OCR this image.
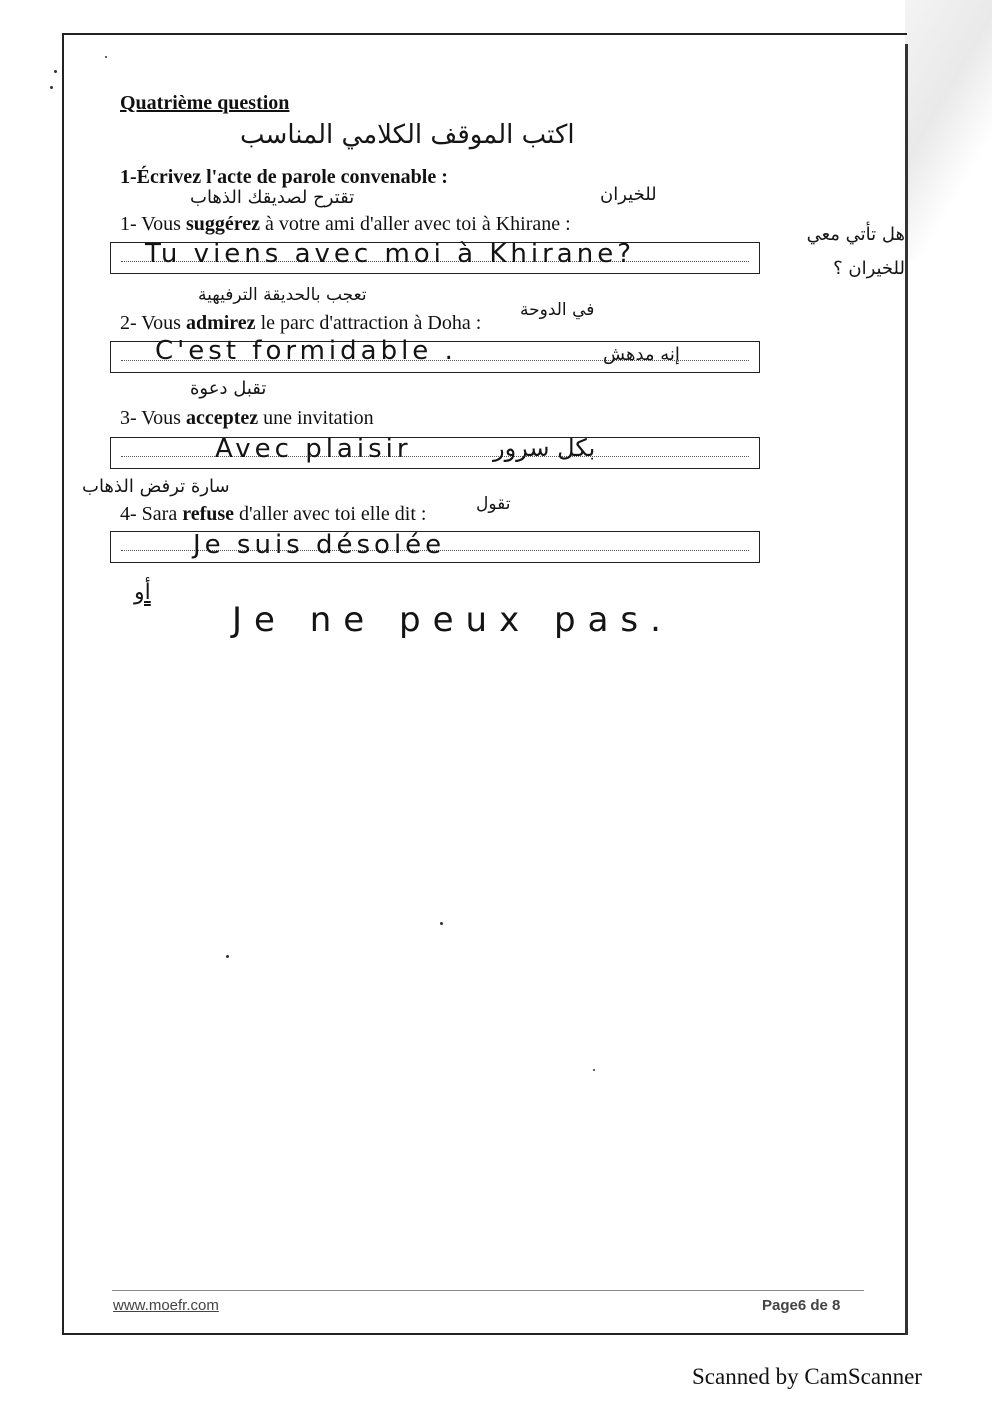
Quatrième question
اكتب الموقف الكلامي المناسب
1-Écrivez l'acte de parole convenable :
تقترح لصديقك الذهاب	للخيران
1- Vous suggérez à votre ami d'aller avec toi à Khirane :
Tu viens avec moi à Khirane?
هل تأتي معي للخيران ؟
تعجب بالحديقة الترفيهية
في الدوحة
2- Vous admirez le parc d'attraction à Doha :
C'est formidable .	إنه مدهش
تقبل دعوة
3- Vous acceptez une invitation
Avec plaisir	بكل سرور
سارة ترفض الذهاب
تقول
4- Sara refuse d'aller avec toi elle dit :
Je suis désolée
أو
Je ne peux pas.
www.moefr.com	Page6 de 8
Scanned by CamScanner
